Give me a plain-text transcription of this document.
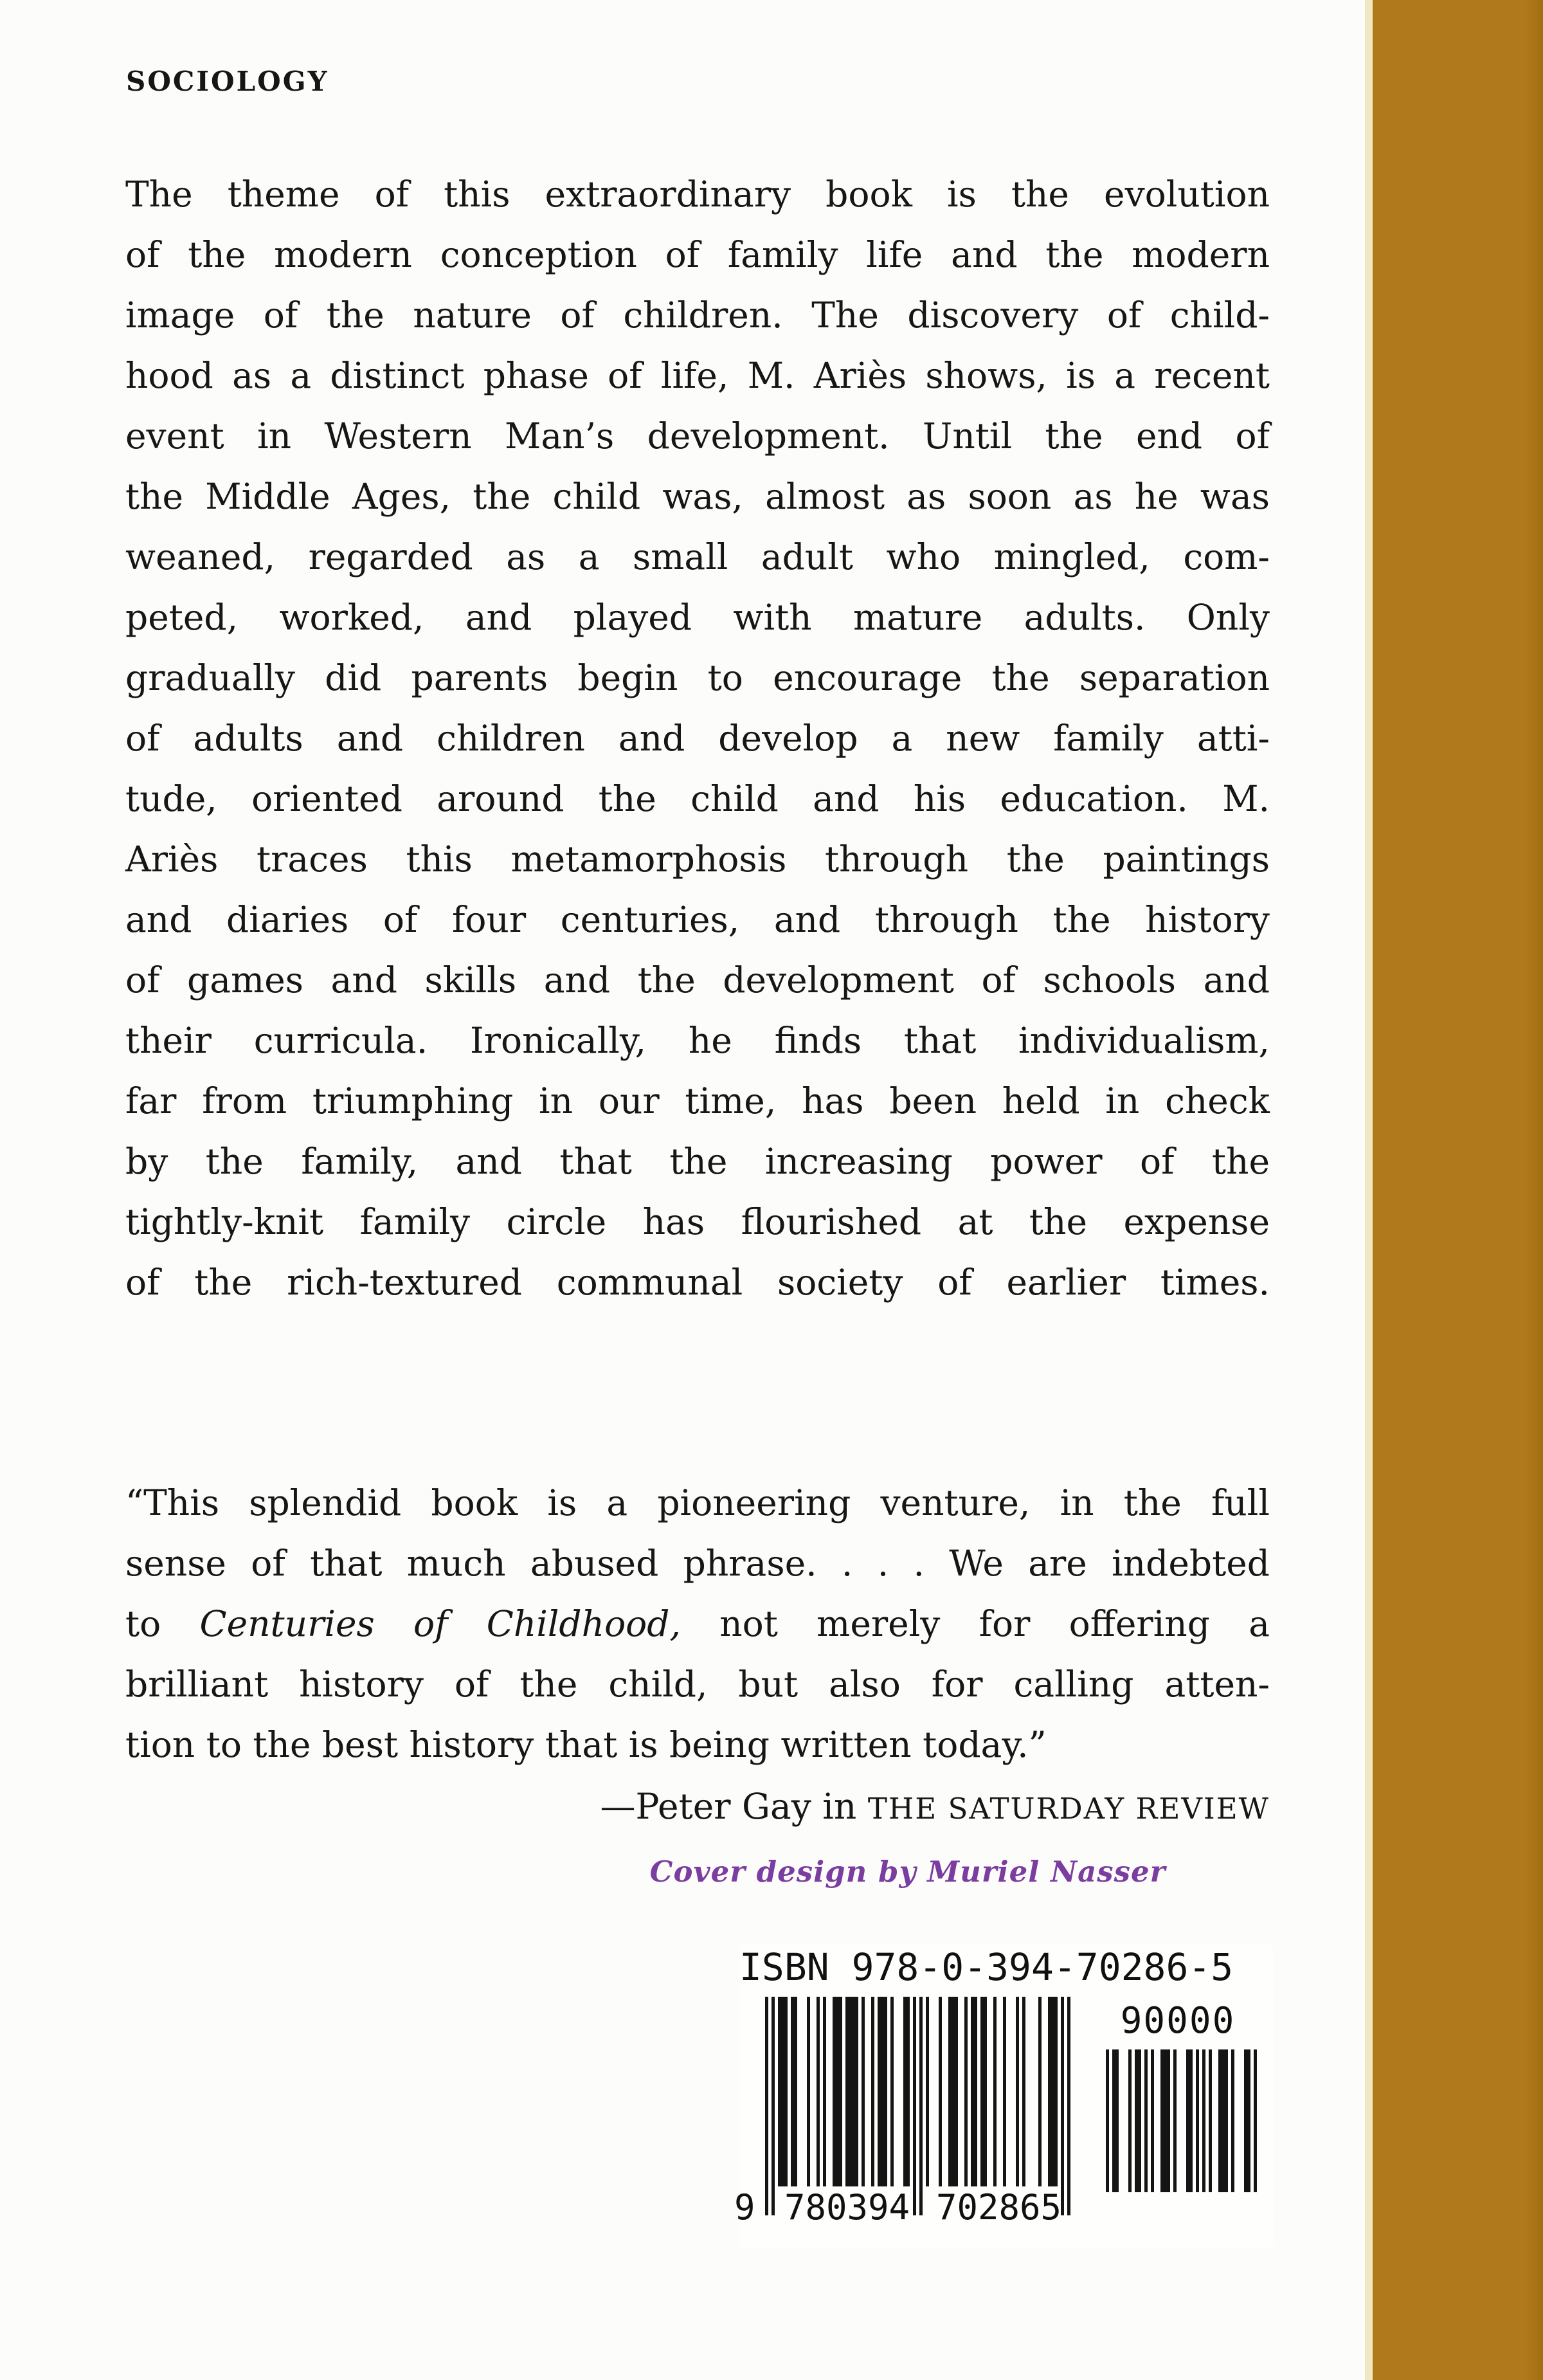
SOCIOLOGY
The theme of this extraordinary book is the evolution
of the modern conception of family life and the modern
image of the nature of children. The discovery of child-
hood as a distinct phase of life, M. Ariès shows, is a recent
event in Western Man’s development. Until the end of
the Middle Ages, the child was, almost as soon as he was
weaned, regarded as a small adult who mingled, com-
peted, worked, and played with mature adults. Only
gradually did parents begin to encourage the separation
of adults and children and develop a new family atti-
tude, oriented around the child and his education. M.
Ariès traces this metamorphosis through the paintings
and diaries of four centuries, and through the history
of games and skills and the development of schools and
their curricula. Ironically, he finds that individualism,
far from triumphing in our time, has been held in check
by the family, and that the increasing power of the
tightly-knit family circle has flourished at the expense
of the rich-textured communal society of earlier times.
“This splendid book is a pioneering venture, in the full
sense of that much abused phrase. . . . We are indebted
to Centuries of Childhood, not merely for offering a
brilliant history of the child, but also for calling atten-
tion to the best history that is being written today.”
—Peter Gay in THE SATURDAY REVIEW
Cover design by Muriel Nasser
ISBN 978-0-394-70286-5
9 780394 702865
90000
